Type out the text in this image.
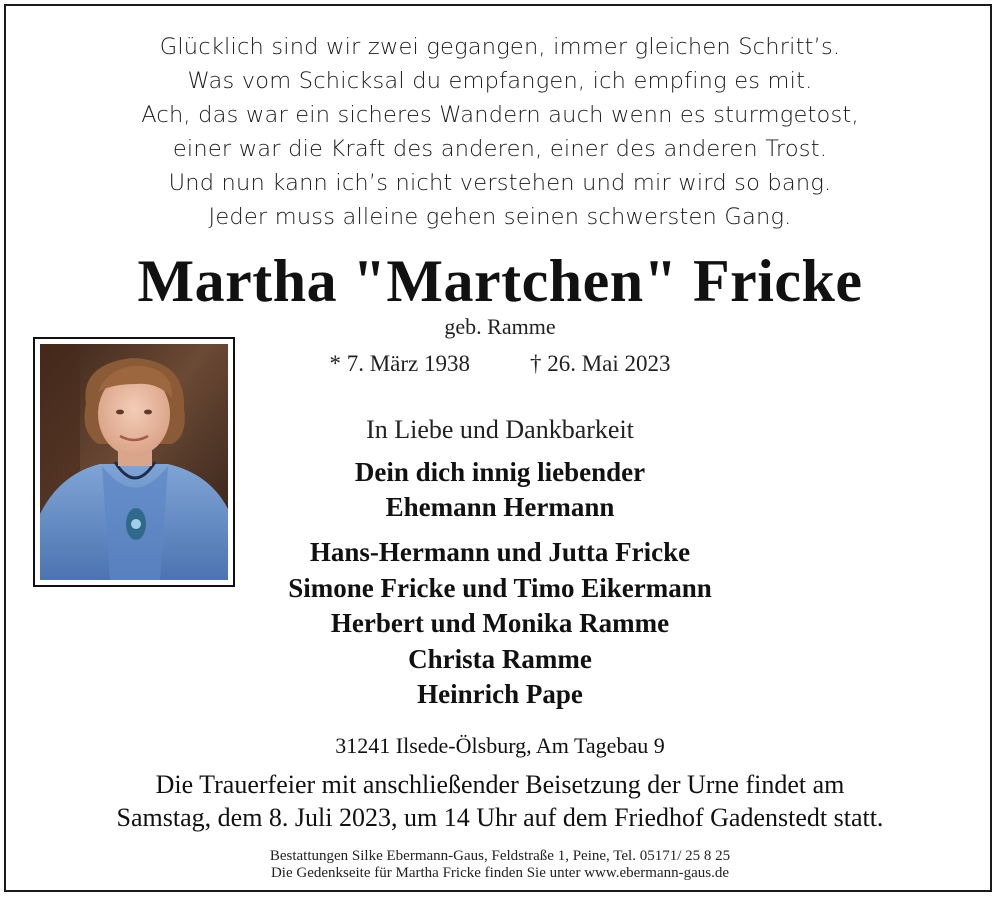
Glücklich sind wir zwei gegangen, immer gleichen Schritt’s.
Was vom Schicksal du empfangen, ich empfing es mit.
Ach, das war ein sicheres Wandern auch wenn es sturmgetost,
einer war die Kraft des anderen, einer des anderen Trost.
Und nun kann ich’s nicht verstehen und mir wird so bang.
Jeder muss alleine gehen seinen schwersten Gang.
Martha "Martchen" Fricke
geb. Ramme
* 7. März 1938	† 26. Mai 2023
In Liebe und Dankbarkeit
Dein dich innig liebender
Ehemann Hermann
Hans-Hermann und Jutta Fricke
Simone Fricke und Timo Eikermann
Herbert und Monika Ramme
Christa Ramme
Heinrich Pape
31241 Ilsede-Ölsburg, Am Tagebau 9
Die Trauerfeier mit anschließender Beisetzung der Urne findet am
Samstag, dem 8. Juli 2023, um 14 Uhr auf dem Friedhof Gadenstedt statt.
Bestattungen Silke Ebermann-Gaus, Feldstraße 1, Peine, Tel. 05171/ 25 8 25
Die Gedenkseite für Martha Fricke finden Sie unter www.ebermann-gaus.de
